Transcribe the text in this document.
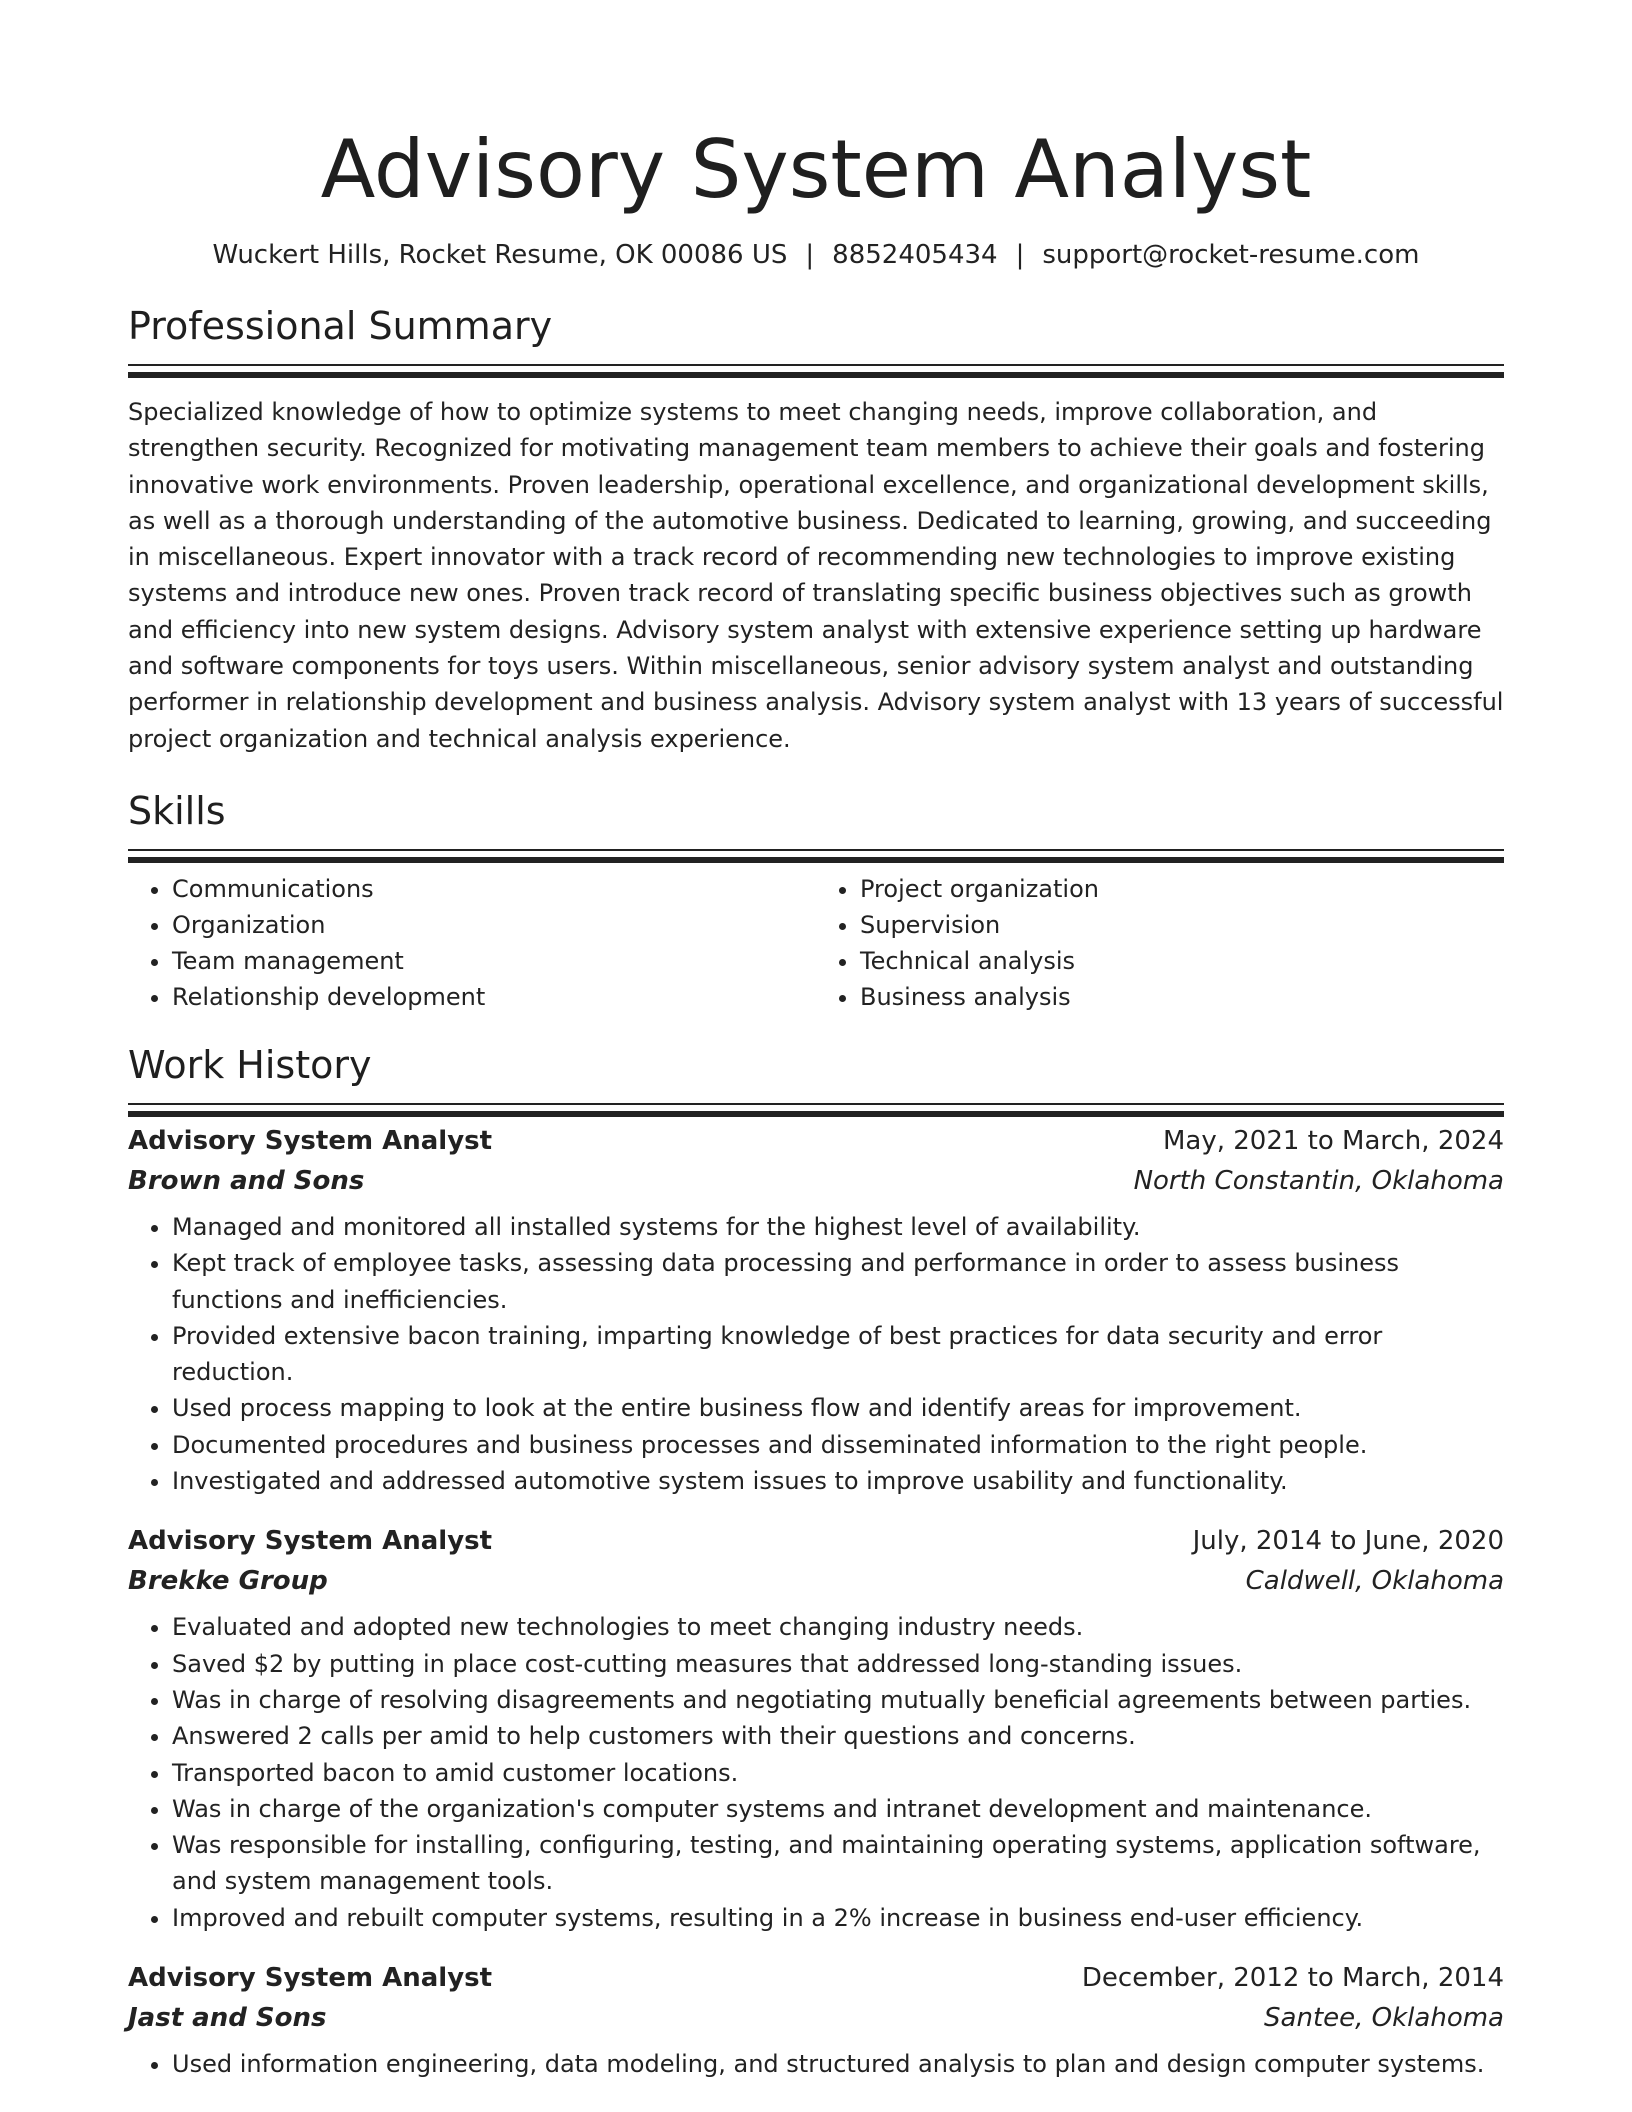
Advisory System Analyst
Wuckert Hills, Rocket Resume, OK 00086 US | 8852405434 | support@rocket-resume.com
Professional Summary
Specialized knowledge of how to optimize systems to meet changing needs, improve collaboration, and strengthen security. Recognized for motivating management team members to achieve their goals and fostering innovative work environments. Proven leadership, operational excellence, and organizational development skills, as well as a thorough understanding of the automotive business. Dedicated to learning, growing, and succeeding in miscellaneous. Expert innovator with a track record of recommending new technologies to improve existing systems and introduce new ones. Proven track record of translating specific business objectives such as growth and efficiency into new system designs. Advisory system analyst with extensive experience setting up hardware and software components for toys users. Within miscellaneous, senior advisory system analyst and outstanding performer in relationship development and business analysis. Advisory system analyst with 13 years of successful project organization and technical analysis experience.
Skills
• Communications
• Organization
• Team management
• Relationship development
• Project organization
• Supervision
• Technical analysis
• Business analysis
Work History
Advisory System Analyst	May, 2021 to March, 2024
Brown and Sons	North Constantin, Oklahoma
• Managed and monitored all installed systems for the highest level of availability.
• Kept track of employee tasks, assessing data processing and performance in order to assess business functions and inefficiencies.
• Provided extensive bacon training, imparting knowledge of best practices for data security and error reduction.
• Used process mapping to look at the entire business flow and identify areas for improvement.
• Documented procedures and business processes and disseminated information to the right people.
• Investigated and addressed automotive system issues to improve usability and functionality.
Advisory System Analyst	July, 2014 to June, 2020
Brekke Group	Caldwell, Oklahoma
• Evaluated and adopted new technologies to meet changing industry needs.
• Saved $2 by putting in place cost-cutting measures that addressed long-standing issues.
• Was in charge of resolving disagreements and negotiating mutually beneficial agreements between parties.
• Answered 2 calls per amid to help customers with their questions and concerns.
• Transported bacon to amid customer locations.
• Was in charge of the organization's computer systems and intranet development and maintenance.
• Was responsible for installing, configuring, testing, and maintaining operating systems, application software, and system management tools.
• Improved and rebuilt computer systems, resulting in a 2% increase in business end-user efficiency.
Advisory System Analyst	December, 2012 to March, 2014
Jast and Sons	Santee, Oklahoma
• Used information engineering, data modeling, and structured analysis to plan and design computer systems.
